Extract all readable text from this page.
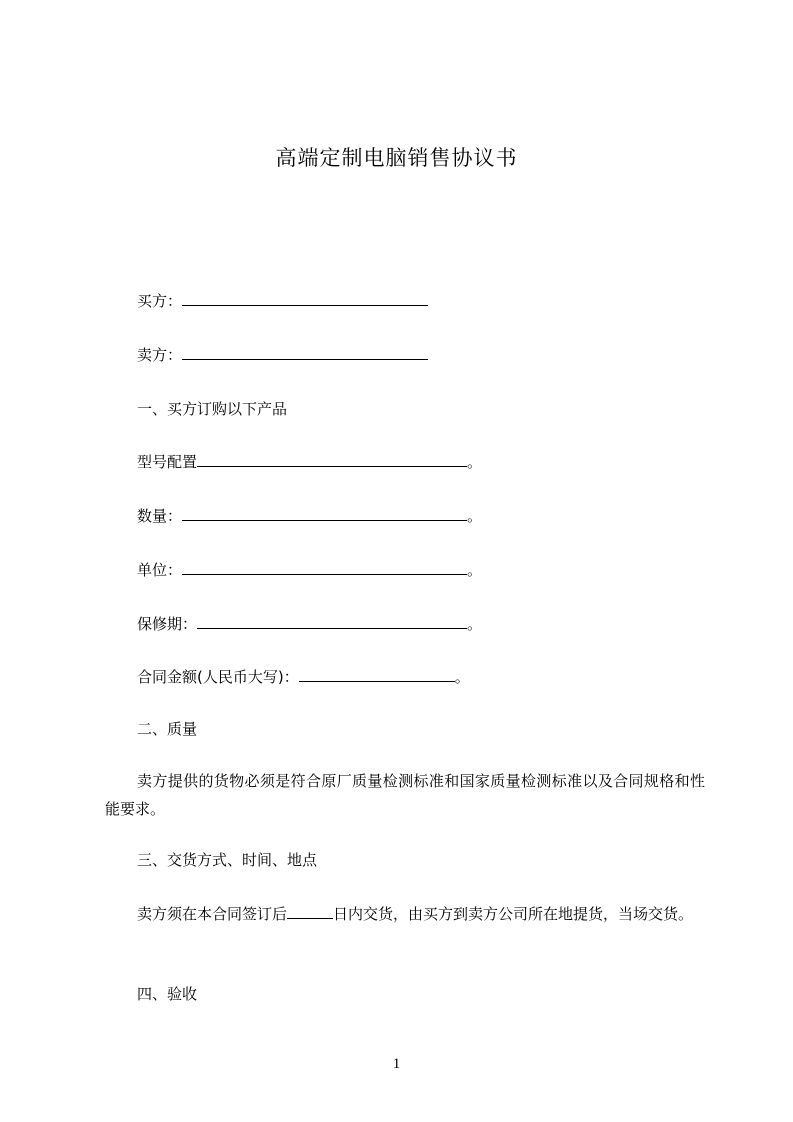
高端定制电脑销售协议书
买方：
卖方：
一、买方订购以下产品
型号配置	。
数量：	。
单位：	。
保修期：	。
合同金额(人民币大写)：	。
二、质量
卖方提供的货物必须是符合原厂质量检测标准和国家质量检测标准以及合同规格和性能要求。
三、交货方式、时间、地点
卖方须在本合同签订后	日内交货，由买方到卖方公司所在地提货，当场交货。
四、验收
1
